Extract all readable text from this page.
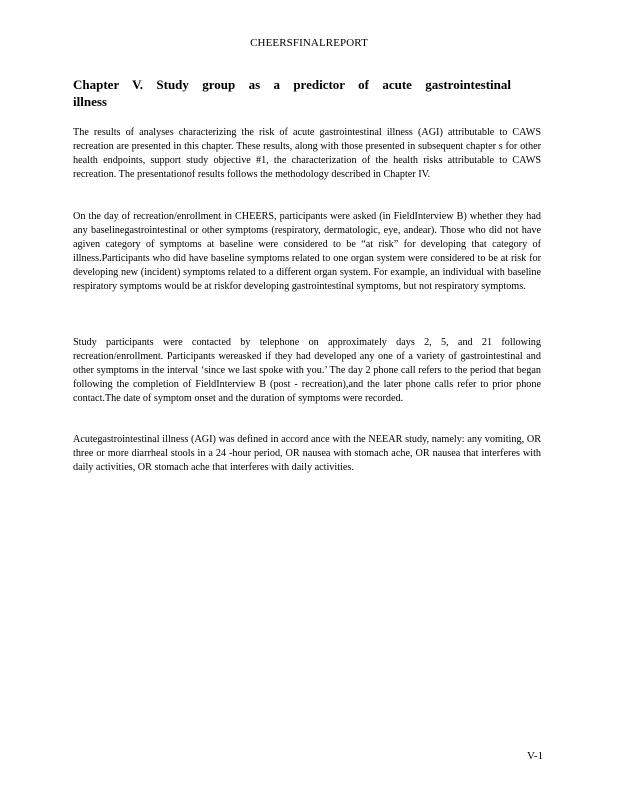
CHEERSFINALREPORT
Chapter V. Study group as a predictor of acute gastrointestinal
illness

The results of analyses characterizing the risk of acute gastrointestinal illness (AGI) attributable to CAWS recreation are presented in this chapter. These results, along with those presented in subsequent chapter s for other health endpoints, support study objective #1, the characterization of the health risks attributable to CAWS recreation. The presentationof results follows the methodology described in Chapter IV.

On the day of recreation/enrollment in CHEERS, participants were asked (in FieldInterview B) whether they had any baselinegastrointestinal or other symptoms (respiratory, dermatologic, eye, andear). Those who did not have agiven category of symptoms at baseline were considered to be “at risk” for developing that category of illness.Participants who did have baseline symptoms related to one organ system were considered to be at risk for developing new (incident) symptoms related to a different organ system. For example, an individual with baseline respiratory symptoms would be at riskfor developing gastrointestinal symptoms, but not respiratory symptoms.

Study participants were contacted by telephone on approximately days 2, 5, and 21 following recreation/enrollment. Participants wereasked if they had developed any one of a variety of gastrointestinal and other symptoms in the interval ‘since we last spoke with you.’ The day 2 phone call refers to the period that began following the completion of FieldInterview B (post - recreation),and the later phone calls refer to prior phone contact.The date of symptom onset and the duration of symptoms were recorded.

Acutegastrointestinal illness (AGI) was defined in accord ance with the NEEAR study, namely: any vomiting, OR three or more diarrheal stools in a 24 -hour period, OR nausea with stomach ache, OR nausea that interferes with daily activities, OR stomach ache that interferes with daily activities.

V-1
